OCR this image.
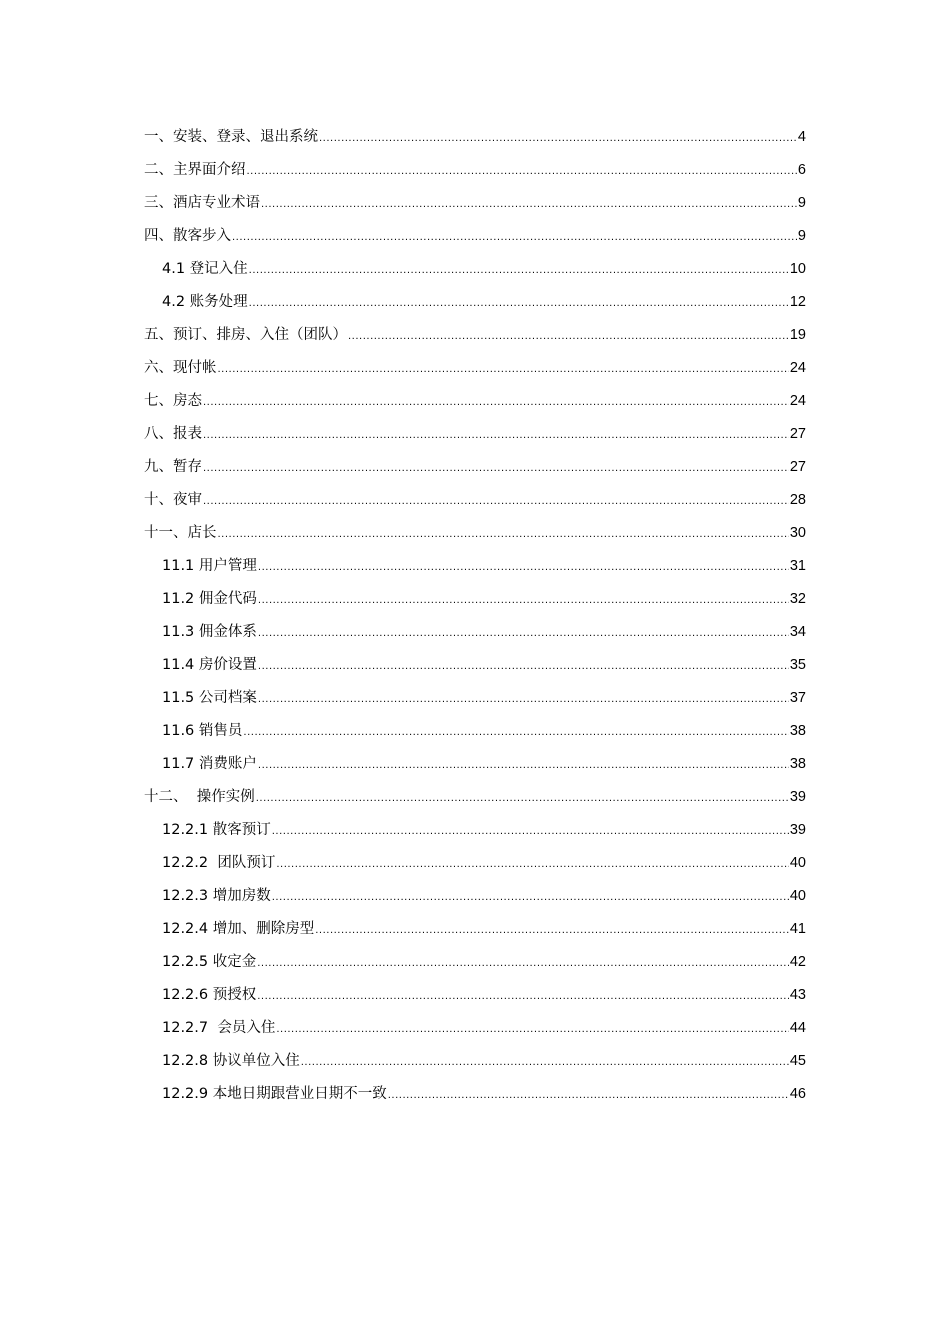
一、安装、登录、退出系统 .....	4
二、主界面介绍 .....	6
三、酒店专业术语 .....	9
四、散客步入 .....	9
4.1 登记入住 .....	10
4.2 账务处理 .....	12
五、预订、排房、入住（团队） .....	19
六、现付帐 .....	24
七、房态 .....	24
八、报表 .....	27
九、暂存 .....	27
十、夜审 .....	28
十一、店长 .....	30
11.1 用户管理 .....	31
11.2 佣金代码 .....	32
11.3 佣金体系 .....	34
11.4 房价设置 .....	35
11.5 公司档案 .....	37
11.6 销售员 .....	38
11.7 消费账户 .....	38
十二、  操作实例 .....	39
12.2.1 散客预订 .....	39
12.2.2  团队预订 .....	40
12.2.3 增加房数 .....	40
12.2.4 增加、删除房型 .....	41
12.2.5 收定金 .....	42
12.2.6 预授权 .....	43
12.2.7  会员入住 .....	44
12.2.8 协议单位入住 .....	45
12.2.9 本地日期跟营业日期不一致 .....	46
